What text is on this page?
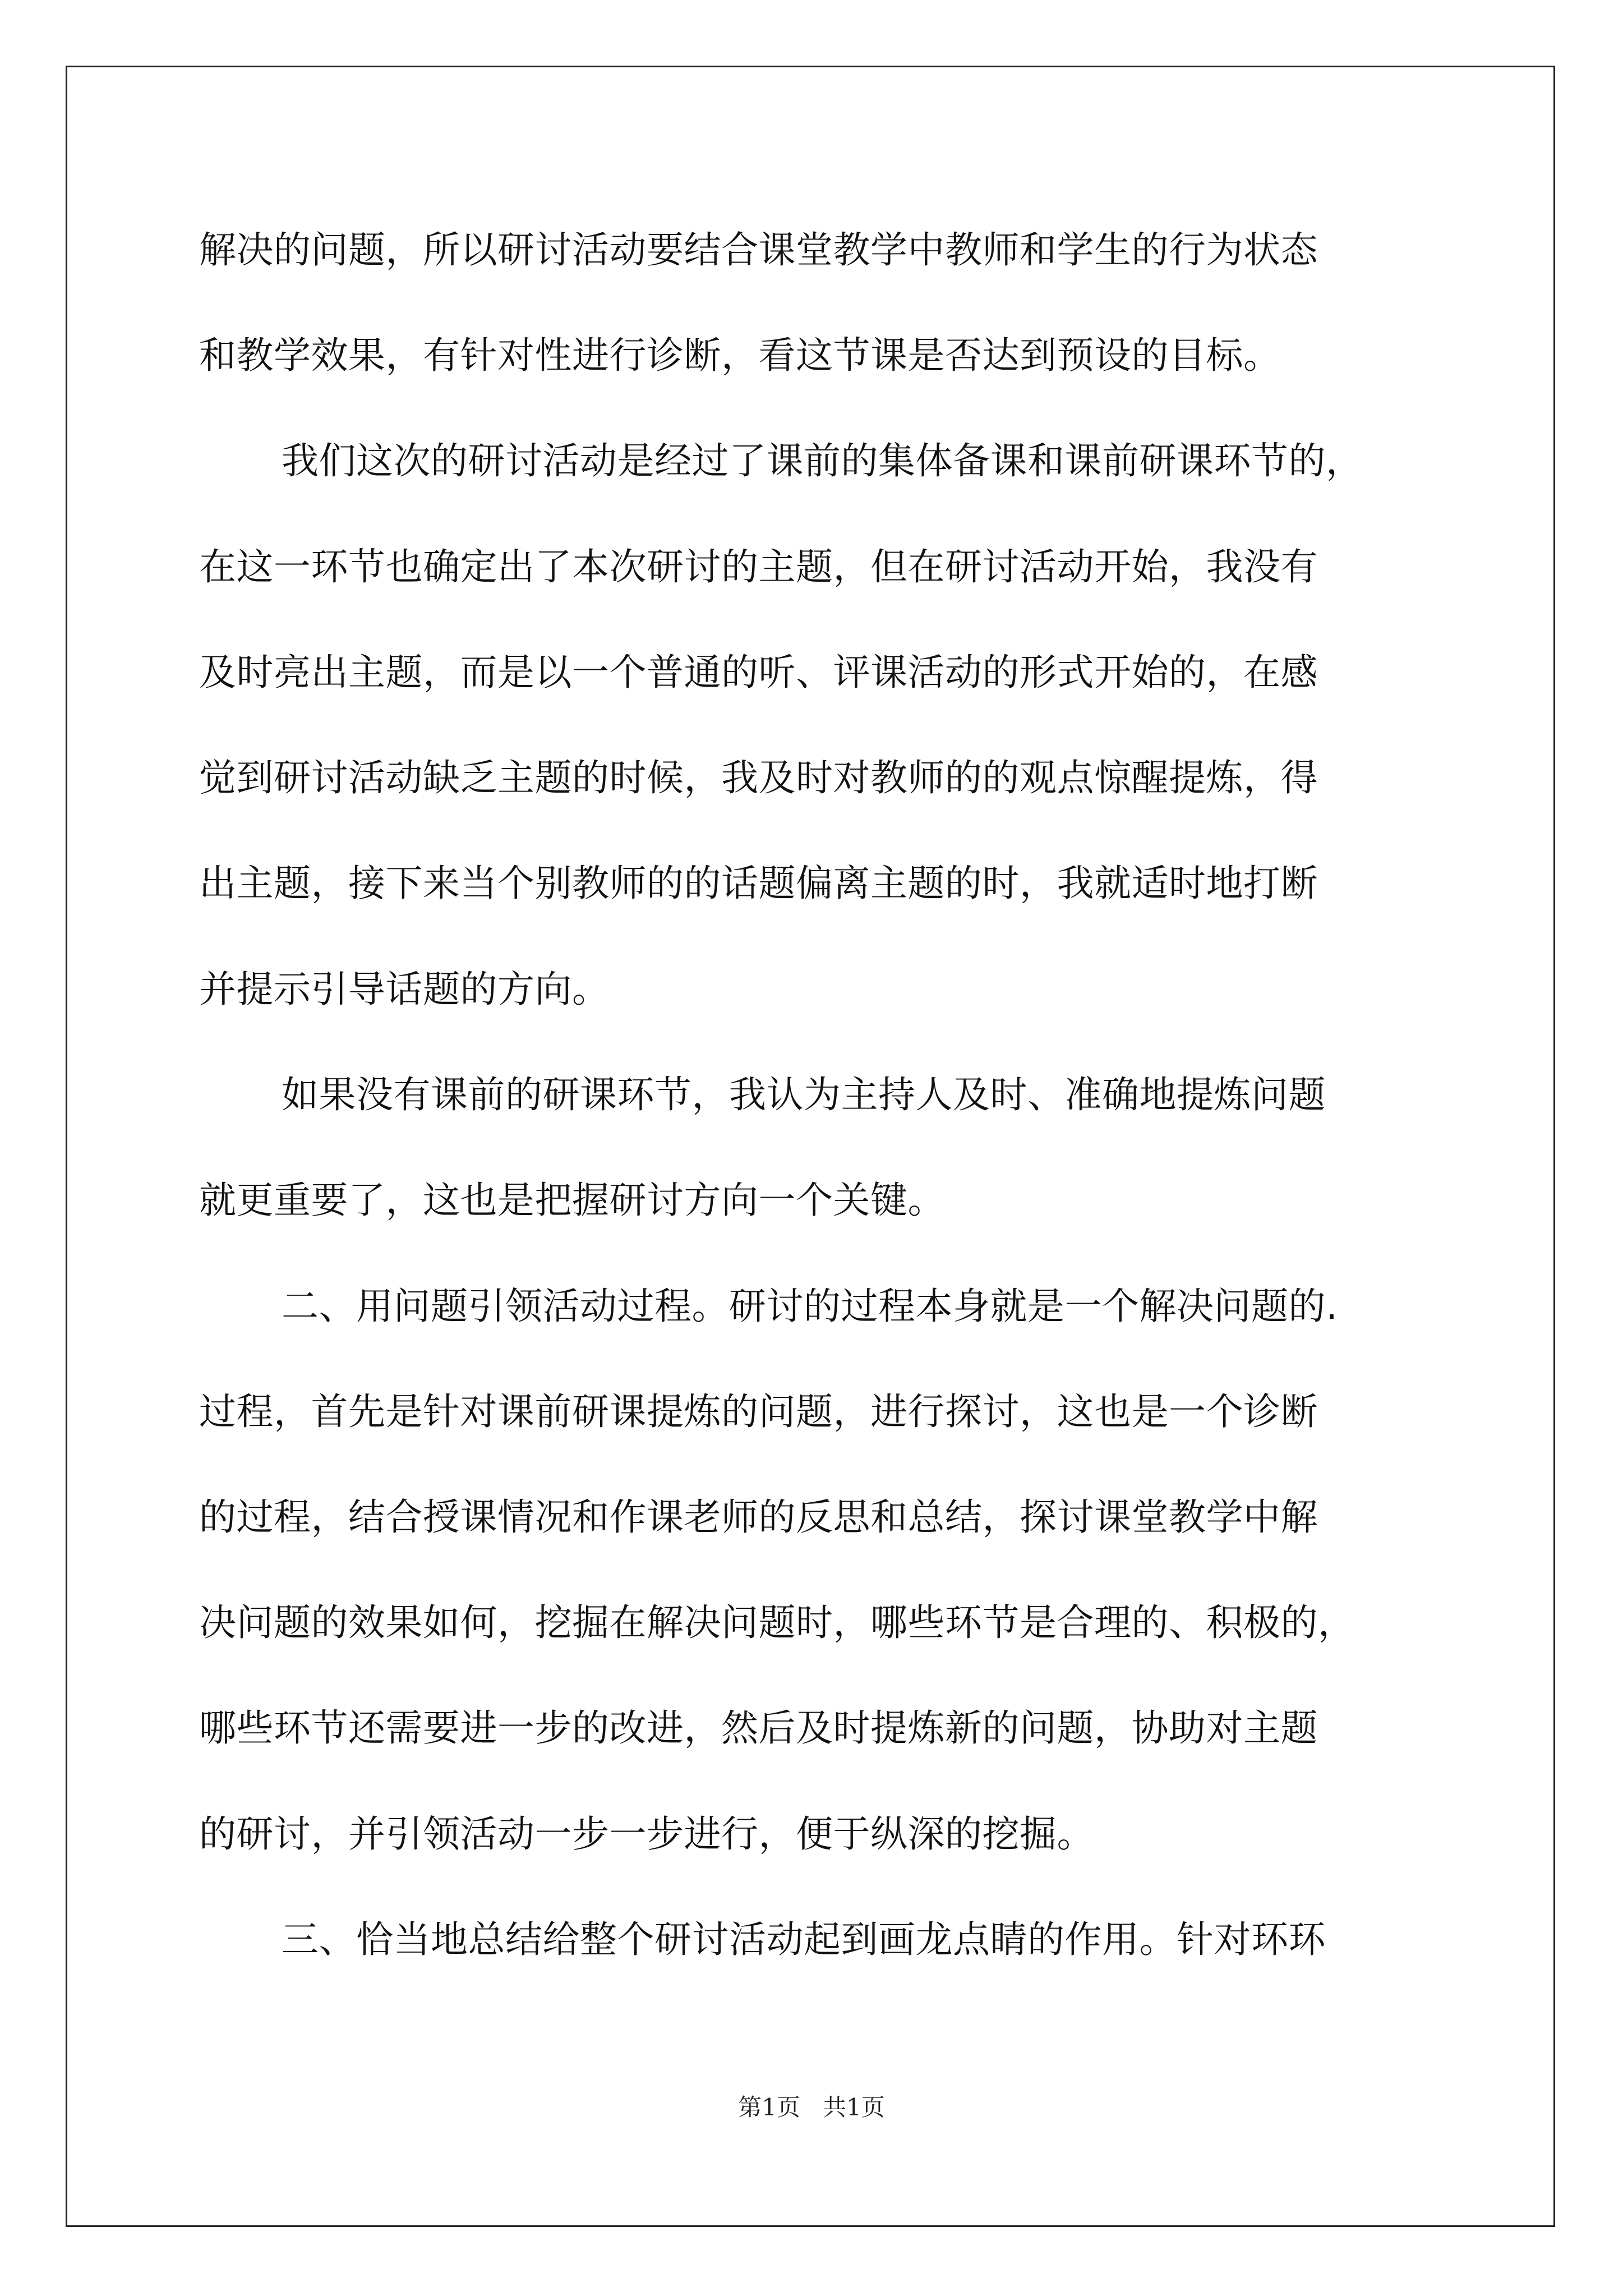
解决的问题，所以研讨活动要结合课堂教学中教师和学生的行为状态
和教学效果，有针对性进行诊断，看这节课是否达到预设的目标。
我们这次的研讨活动是经过了课前的集体备课和课前研课环节的，
在这一环节也确定出了本次研讨的主题，但在研讨活动开始，我没有
及时亮出主题，而是以一个普通的听、评课活动的形式开始的，在感
觉到研讨活动缺乏主题的时候，我及时对教师的的观点惊醒提炼，得
出主题，接下来当个别教师的的话题偏离主题的时，我就适时地打断
并提示引导话题的方向。
如果没有课前的研课环节，我认为主持人及时、准确地提炼问题
就更重要了，这也是把握研讨方向一个关键。
二、用问题引领活动过程。研讨的过程本身就是一个解决问题的.
过程，首先是针对课前研课提炼的问题，进行探讨，这也是一个诊断
的过程，结合授课情况和作课老师的反思和总结，探讨课堂教学中解
决问题的效果如何，挖掘在解决问题时，哪些环节是合理的、积极的，
哪些环节还需要进一步的改进，然后及时提炼新的问题，协助对主题
的研讨，并引领活动一步一步进行，便于纵深的挖掘。
三、恰当地总结给整个研讨活动起到画龙点睛的作用。针对环环
第1页   共1页
